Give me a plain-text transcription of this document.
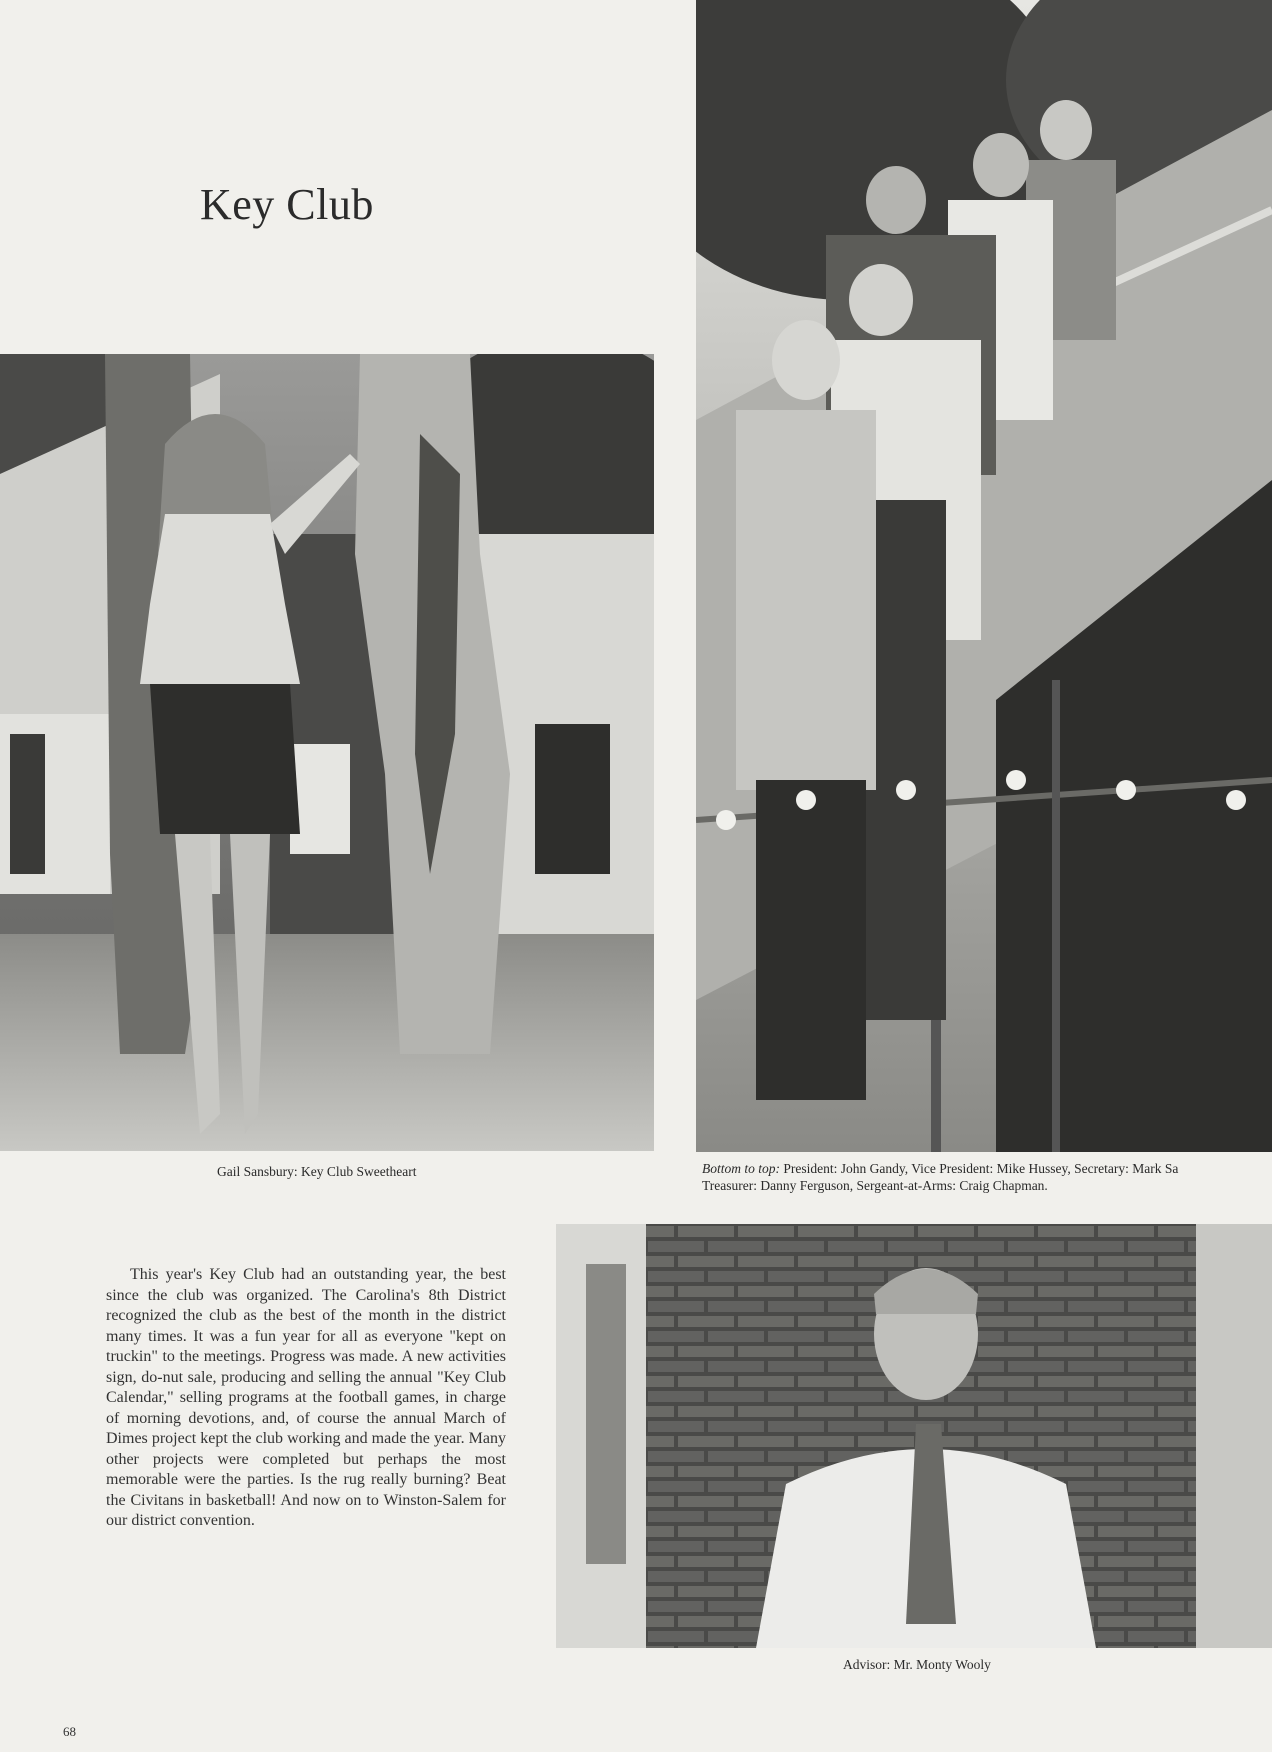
Key Club
Gail Sansbury: Key Club Sweetheart	Bottom to top: President: John Gandy, Vice President: Mike Hussey, Secretary: Mark Sa
Treasurer: Danny Ferguson, Sergeant-at-Arms: Craig Chapman.

This year's Key Club had an outstanding year, the best since the club was organized. The Carolina's 8th District recognized the club as the best of the month in the district many times. It was a fun year for all as everyone "kept on truckin" to the meetings. Progress was made. A new activities sign, do-nut sale, producing and selling the annual "Key Club Calendar," selling programs at the football games, in charge of morning devotions, and, of course the annual March of Dimes project kept the club working and made the year. Many other projects were completed but perhaps the most memorable were the parties. Is the rug really burning? Beat the Civitans in basketball! And now on to Winston-Salem for our district convention.

Advisor: Mr. Monty Wooly
68
